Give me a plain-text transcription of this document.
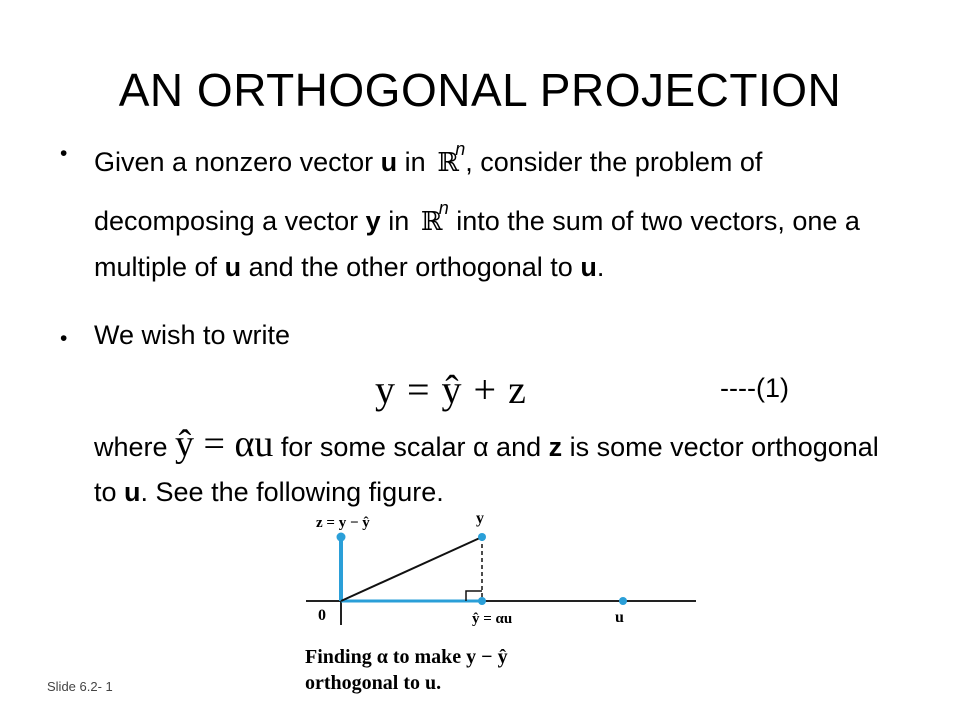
AN ORTHOGONAL PROJECTION
• Given a nonzero vector u in ℝ$^n$, consider the problem of decomposing a vector y in ℝ$^n$ into the sum of two vectors, one a multiple of u and the other orthogonal to u.
• We wish to write
y = ŷ + z	----(1)
where ŷ = αu for some scalar α and z is some vector orthogonal to u. See the following figure.
z = y − ŷ	y
0	ŷ = αu	u
Finding α to make y − ŷ
orthogonal to u.
Slide 6.2- 1
